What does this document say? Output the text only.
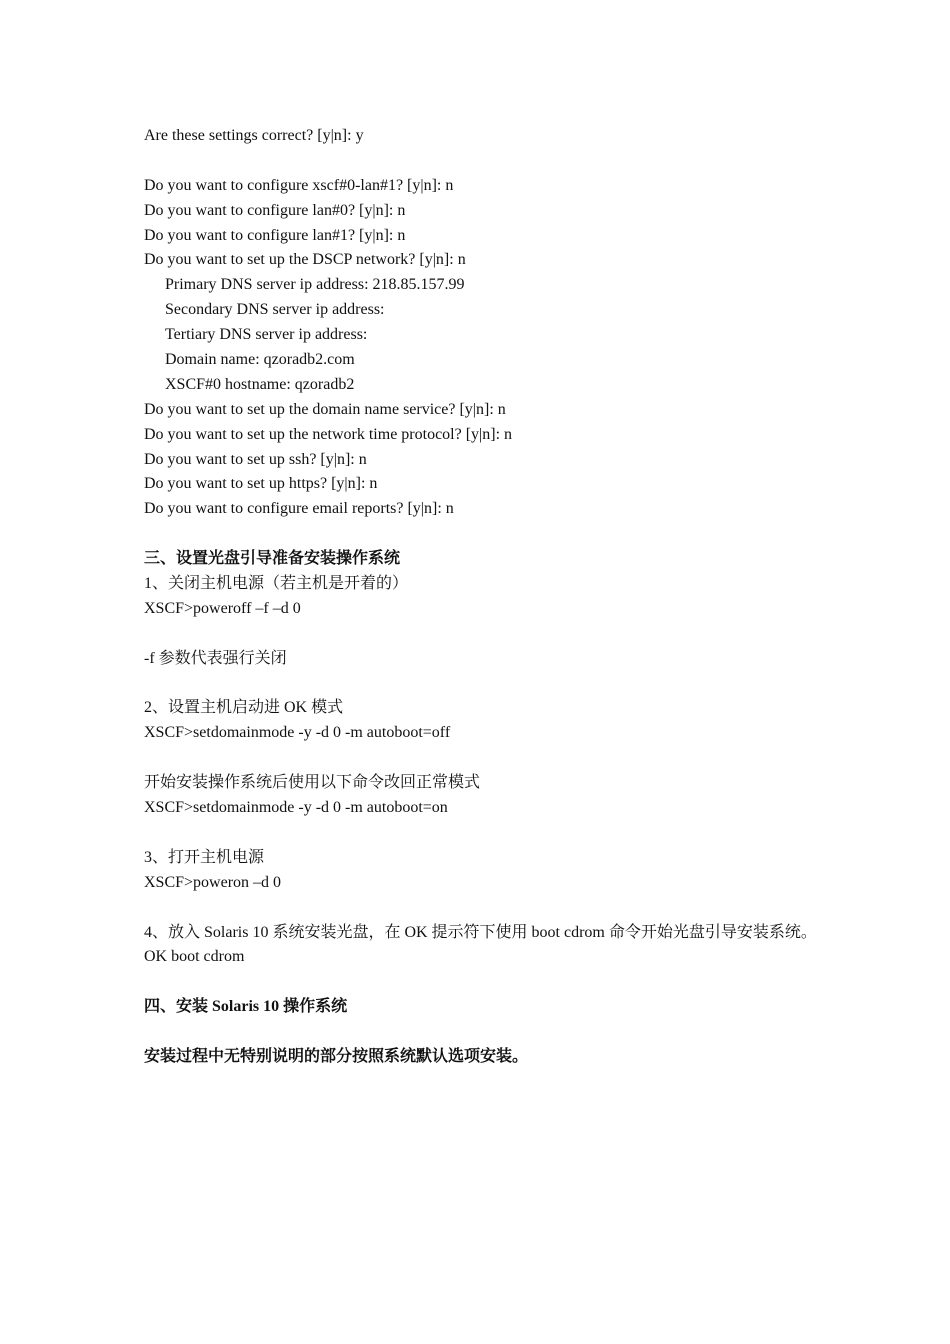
Are these settings correct? [y|n]: y
Do you want to configure xscf#0-lan#1? [y|n]: n
Do you want to configure lan#0? [y|n]: n
Do you want to configure lan#1? [y|n]: n
Do you want to set up the DSCP network? [y|n]: n
Primary DNS server ip address: 218.85.157.99
Secondary DNS server ip address:
Tertiary DNS server ip address:
Domain name: qzoradb2.com
XSCF#0 hostname: qzoradb2
Do you want to set up the domain name service? [y|n]: n
Do you want to set up the network time protocol? [y|n]: n
Do you want to set up ssh? [y|n]: n
Do you want to set up https? [y|n]: n
Do you want to configure email reports? [y|n]: n
三、设置光盘引导准备安装操作系统
1、关闭主机电源（若主机是开着的）
XSCF>poweroff –f –d 0
-f 参数代表强行关闭
2、设置主机启动进 OK 模式
XSCF>setdomainmode -y -d 0 -m autoboot=off
开始安装操作系统后使用以下命令改回正常模式
XSCF>setdomainmode -y -d 0 -m autoboot=on
3、打开主机电源
XSCF>poweron –d 0
4、放入 Solaris 10 系统安装光盘，在 OK 提示符下使用 boot cdrom 命令开始光盘引导安装系统。
OK boot cdrom
四、安装 Solaris 10 操作系统
安装过程中无特别说明的部分按照系统默认选项安装。
